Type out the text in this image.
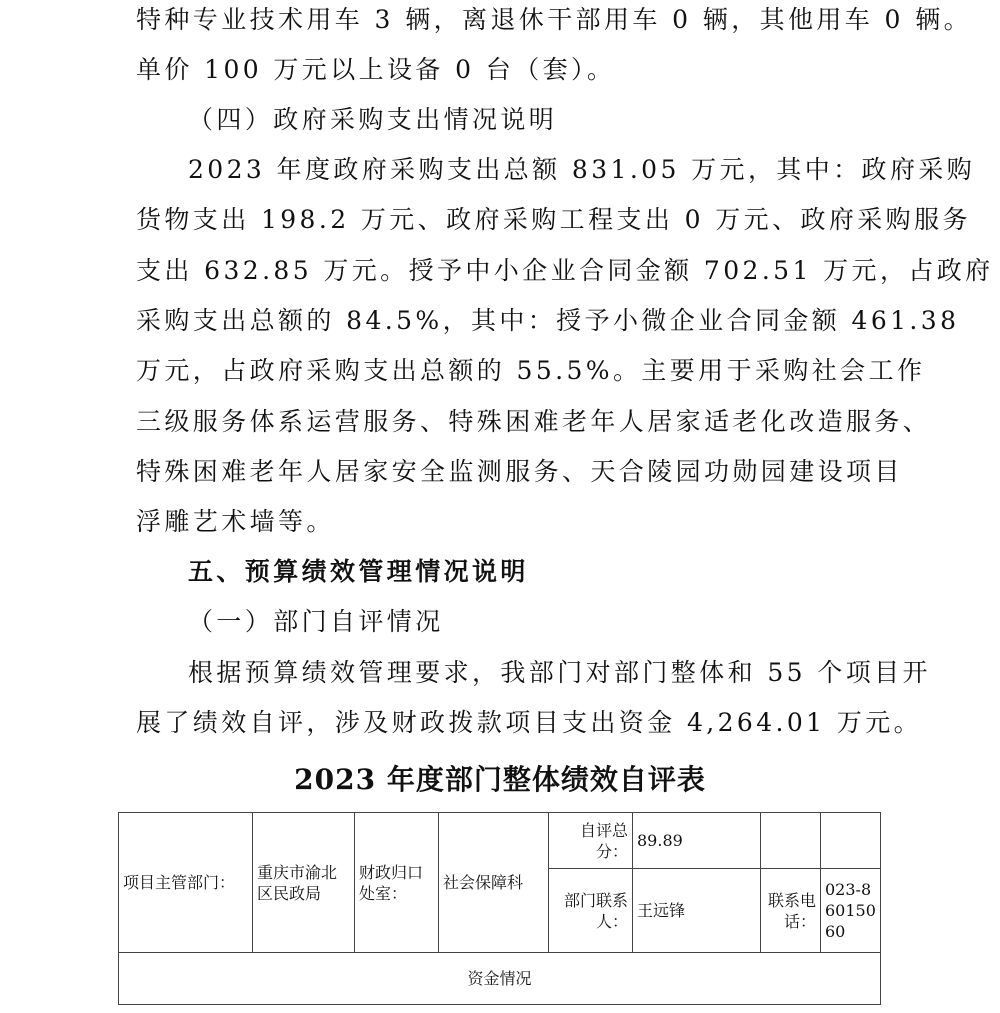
特种专业技术用车 3 辆，离退休干部用车 0 辆，其他用车 0 辆。
单价 100 万元以上设备 0 台（套）。
（四）政府采购支出情况说明
2023 年度政府采购支出总额 831.05 万元，其中：政府采购
货物支出 198.2 万元、政府采购工程支出 0 万元、政府采购服务
支出 632.85 万元。授予中小企业合同金额 702.51 万元，占政府
采购支出总额的 84.5%，其中：授予小微企业合同金额 461.38
万元，占政府采购支出总额的 55.5%。主要用于采购社会工作
三级服务体系运营服务、特殊困难老年人居家适老化改造服务、
特殊困难老年人居家安全监测服务、天合陵园功勋园建设项目
浮雕艺术墙等。
五、预算绩效管理情况说明
（一）部门自评情况
根据预算绩效管理要求，我部门对部门整体和 55 个项目开
展了绩效自评，涉及财政拨款项目支出资金 4,264.01 万元。
2023 年度部门整体绩效自评表
项目主管部门：	重庆市渝北区民政局	财政归口处室：	社会保障科	自评总分：	89.89		
				部门联系人：	王远锋	联系电话：	023-86015060
资金情况							
